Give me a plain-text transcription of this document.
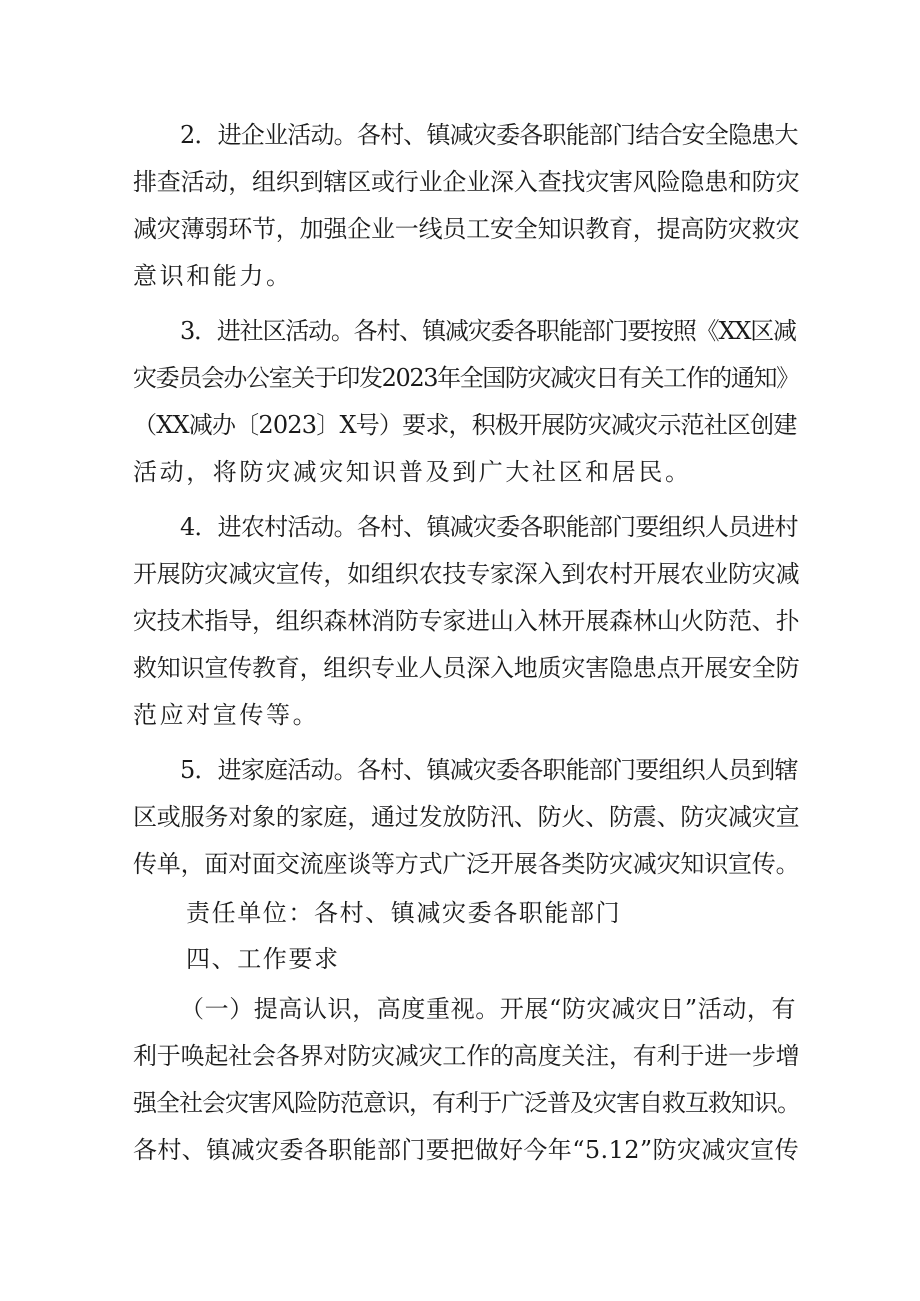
2．进企业活动。各村、镇减灾委各职能部门结合安全隐患大

排查活动，组织到辖区或行业企业深入查找灾害风险隐患和防灾

减灾薄弱环节，加强企业一线员工安全知识教育，提高防灾救灾

意识和能力。

3．进社区活动。各村、镇减灾委各职能部门要按照《XX区减

灾委员会办公室关于印发2023年全国防灾减灾日有关工作的通知》

（XX减办〔2023〕X号）要求，积极开展防灾减灾示范社区创建

活动，将防灾减灾知识普及到广大社区和居民。

4．进农村活动。各村、镇减灾委各职能部门要组织人员进村

开展防灾减灾宣传，如组织农技专家深入到农村开展农业防灾减

灾技术指导，组织森林消防专家进山入林开展森林山火防范、扑

救知识宣传教育，组织专业人员深入地质灾害隐患点开展安全防

范应对宣传等。

5．进家庭活动。各村、镇减灾委各职能部门要组织人员到辖

区或服务对象的家庭，通过发放防汛、防火、防震、防灾减灾宣

传单，面对面交流座谈等方式广泛开展各类防灾减灾知识宣传。

责任单位：各村、镇减灾委各职能部门

四、工作要求

（一）提高认识，高度重视。开展“防灾减灾日”活动，有

利于唤起社会各界对防灾减灾工作的高度关注，有利于进一步增

强全社会灾害风险防范意识，有利于广泛普及灾害自救互救知识。

各村、镇减灾委各职能部门要把做好今年“5.12”防灾减灾宣传
